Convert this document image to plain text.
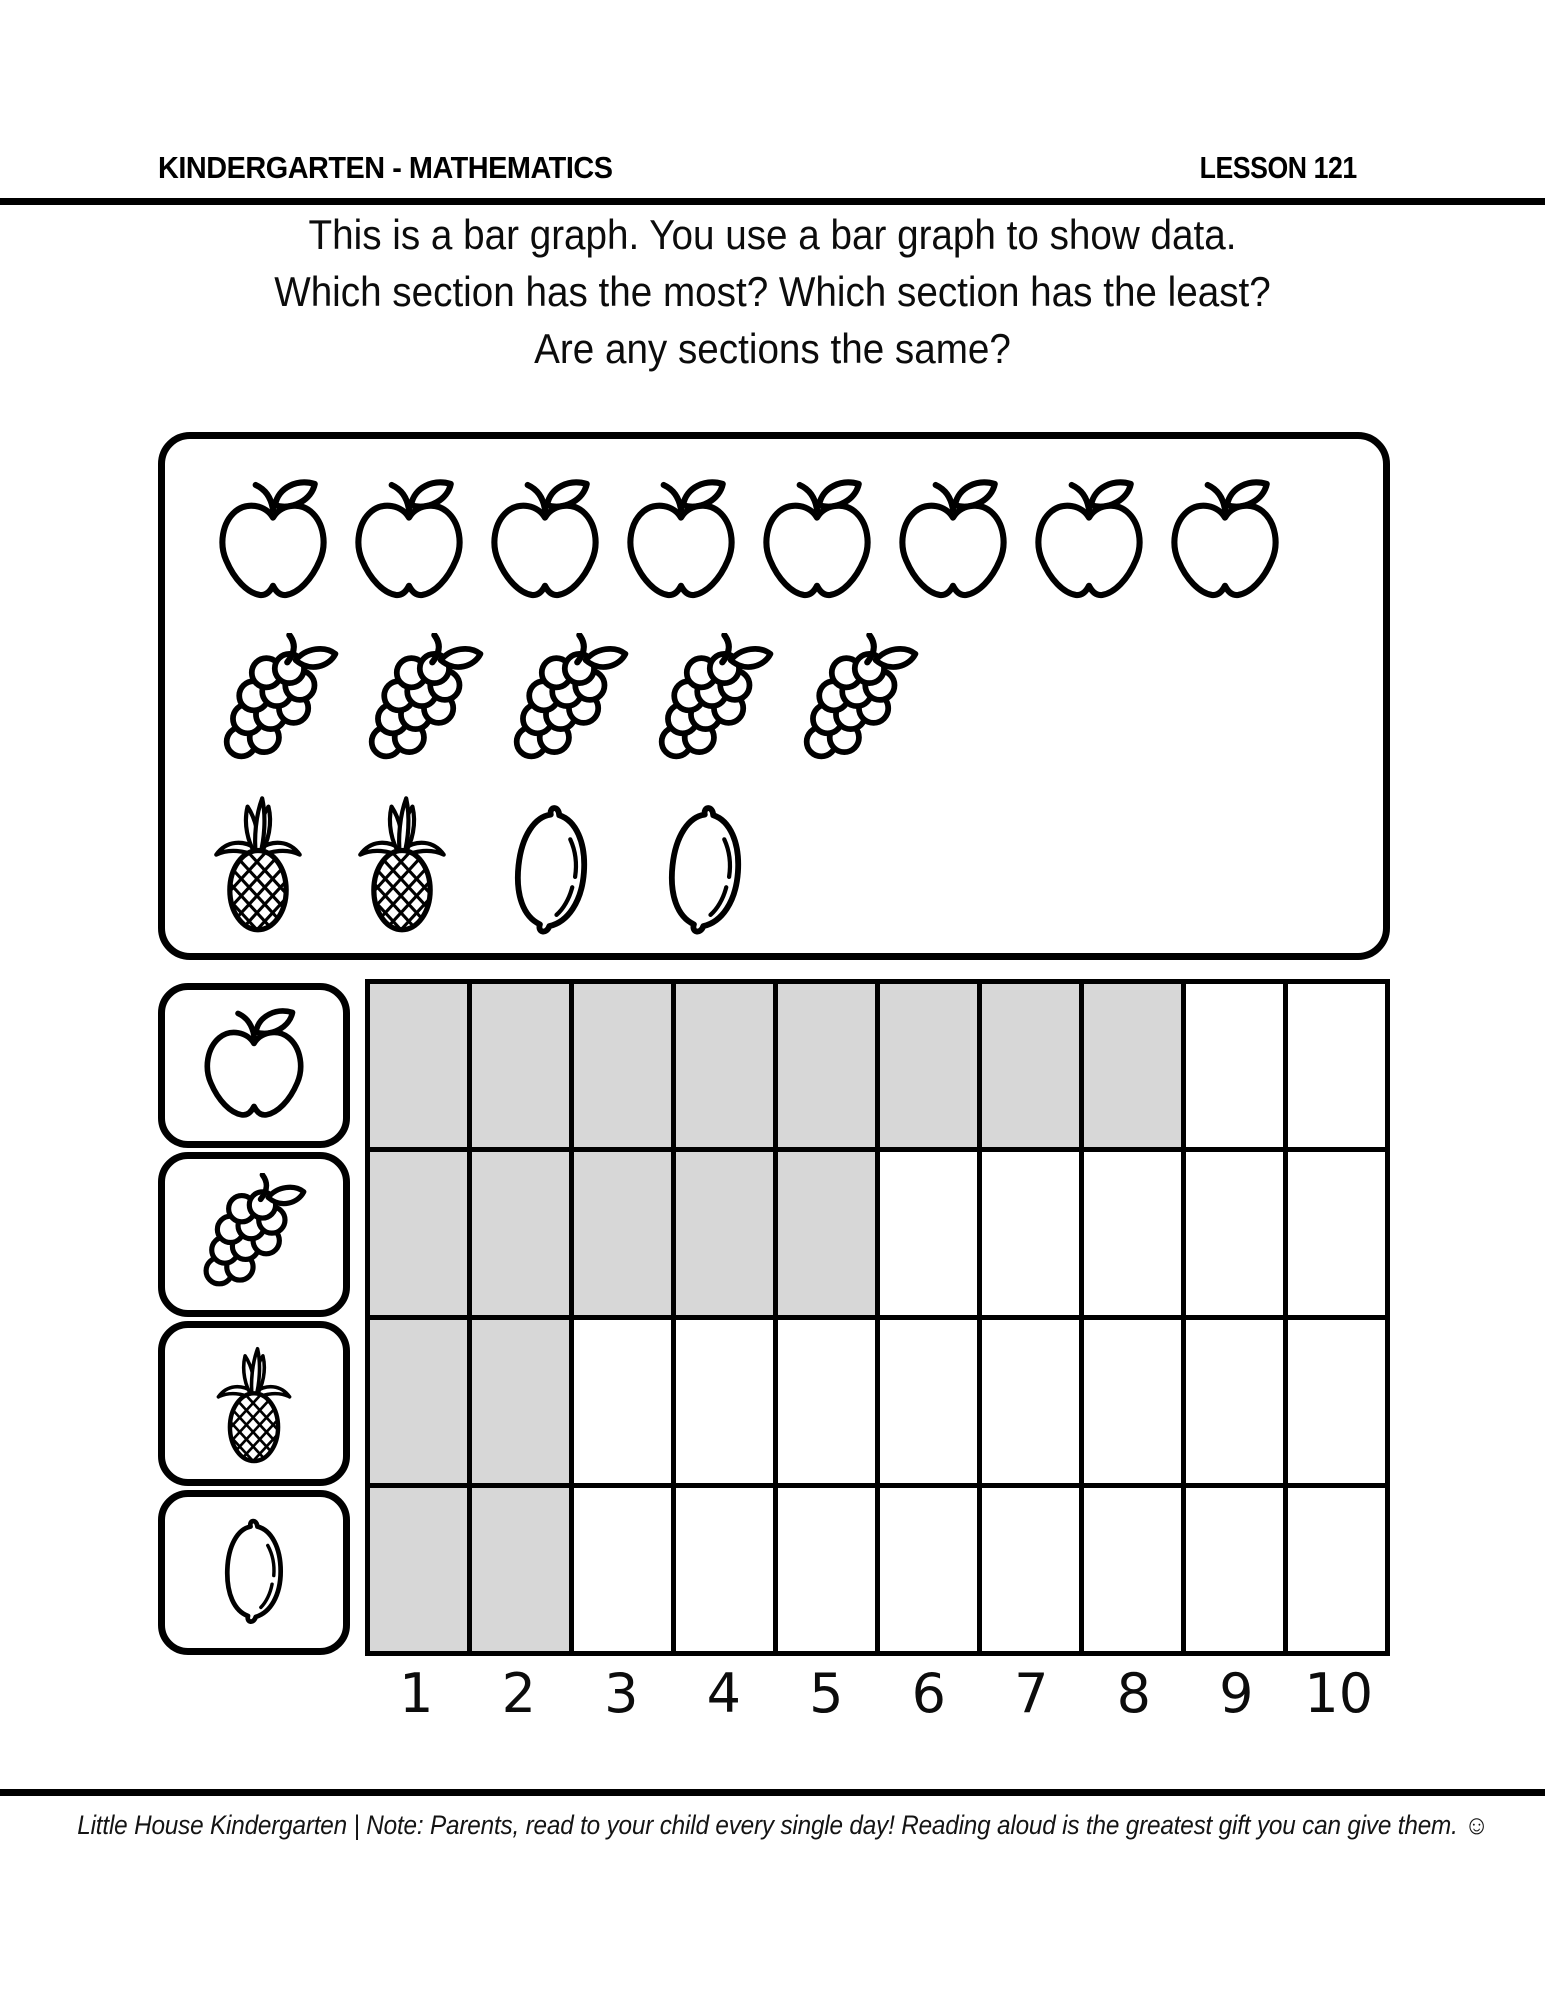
KINDERGARTEN - MATHEMATICS	LESSON 121

This is a bar graph. You use a bar graph to show data.

Which section has the most? Which section has the least?

Are any sections the same?

1	2	3	4	5	6	7	8	9 10
Little House Kindergarten | Note: Parents, read to your child every single day! Reading aloud is the greatest gift you can give them. ☺
